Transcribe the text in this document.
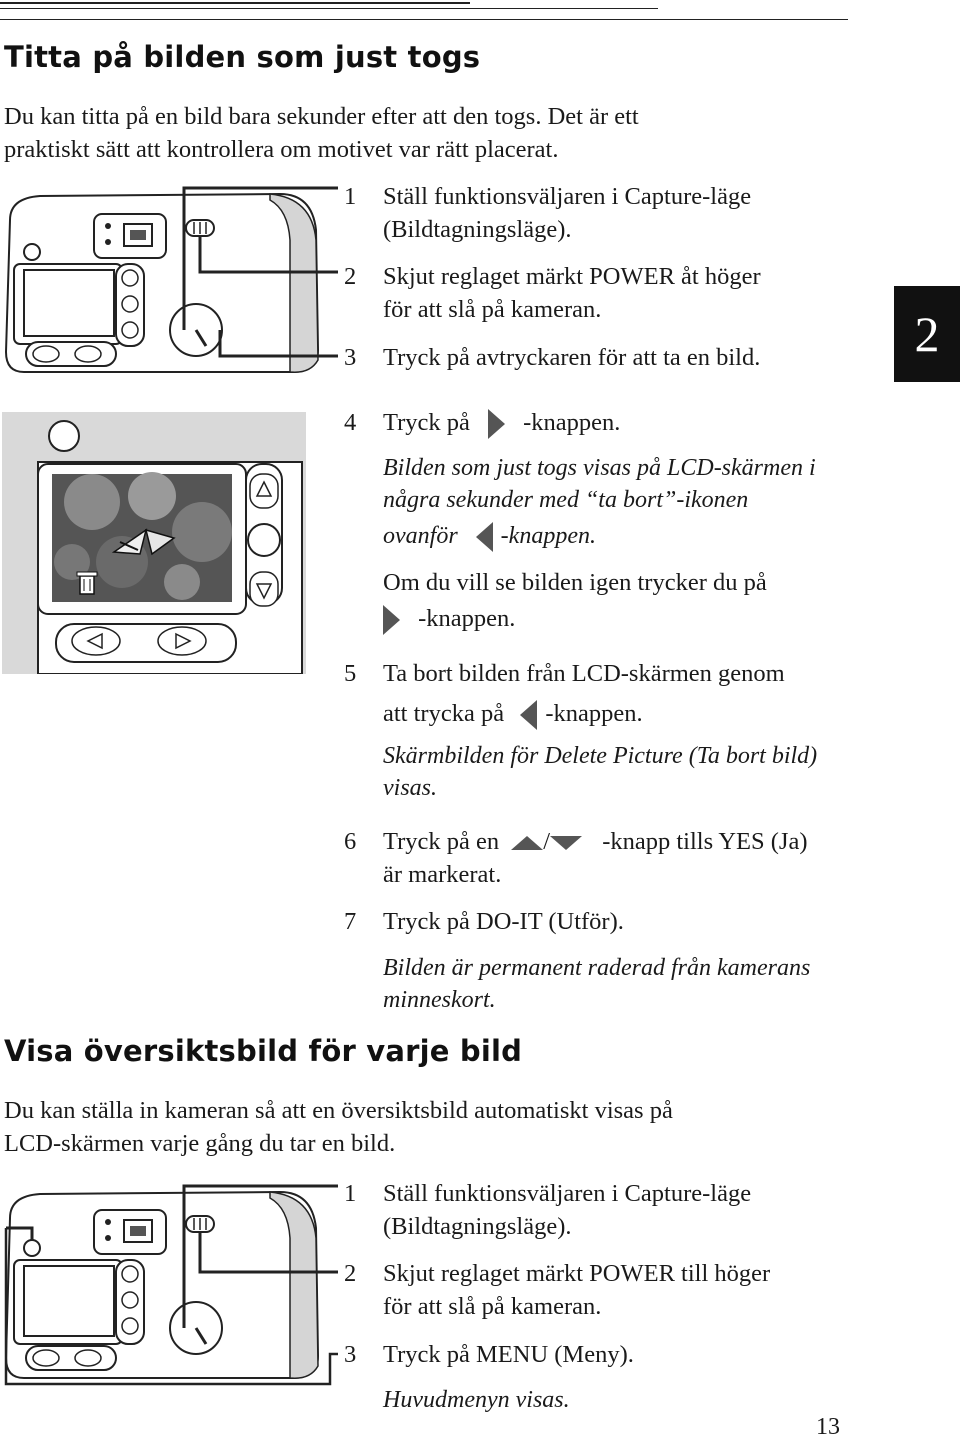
2
Titta på bilden som just togs
Du kan titta på en bild bara sekunder efter att den togs. Det är ett
praktiskt sätt att kontrollera om motivet var rätt placerat.
1	Ställ funktionsväljaren i Capture-läge
(Bildtagningsläge).
2	Skjut reglaget märkt POWER åt höger
för att slå på kameran.
3	Tryck på avtryckaren för att ta en bild.
4	Tryck på -knappen.
Bilden som just togs visas på LCD-skärmen i
några sekunder med “ta bort”-ikonen
ovanför -knappen.
Om du vill se bilden igen trycker du på
-knappen.
5	Ta bort bilden från LCD-skärmen genom
att trycka på -knappen.
Skärmbilden för Delete Picture (Ta bort bild)
visas.
6	Tryck på en / -knapp tills YES (Ja)
är markerat.
7	Tryck på DO-IT (Utför).
Bilden är permanent raderad från kamerans
minneskort.
Visa översiktsbild för varje bild
Du kan ställa in kameran så att en översiktsbild automatiskt visas på
LCD-skärmen varje gång du tar en bild.
1	Ställ funktionsväljaren i Capture-läge
(Bildtagningsläge).
2	Skjut reglaget märkt POWER till höger
för att slå på kameran.
3	Tryck på MENU (Meny).
Huvudmenyn visas.
13
